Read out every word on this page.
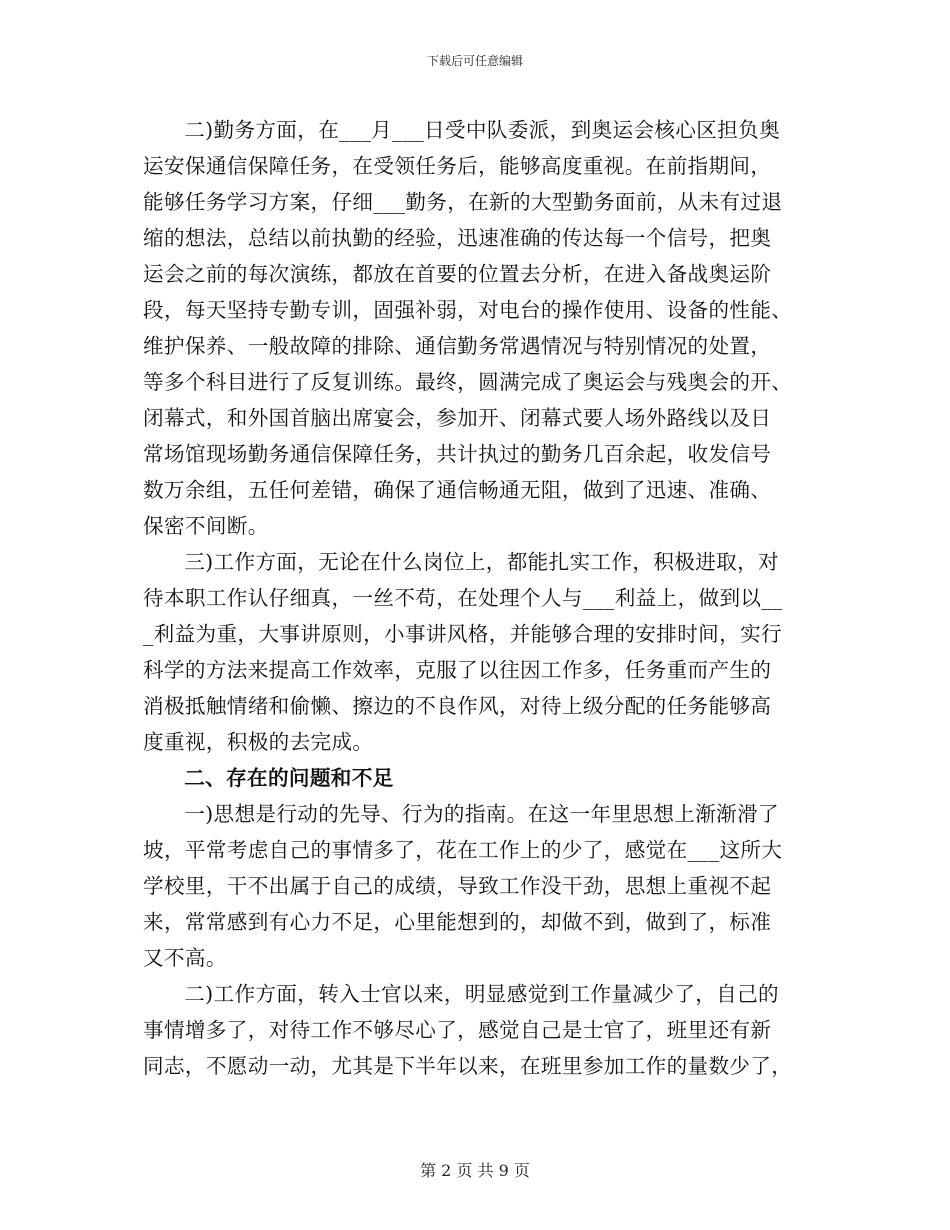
下载后可任意编辑

二)勤务方面，在___月___日受中队委派，到奥运会核心区担负奥
运安保通信保障任务，在受领任务后，能够高度重视。在前指期间，
能够任务学习方案，仔细___勤务，在新的大型勤务面前，从未有过退
缩的想法，总结以前执勤的经验，迅速准确的传达每一个信号，把奥
运会之前的每次演练，都放在首要的位置去分析，在进入备战奥运阶
段，每天坚持专勤专训，固强补弱，对电台的操作使用、设备的性能、
维护保养、一般故障的排除、通信勤务常遇情况与特别情况的处置，
等多个科目进行了反复训练。最终，圆满完成了奥运会与残奥会的开、
闭幕式，和外国首脑出席宴会，参加开、闭幕式要人场外路线以及日
常场馆现场勤务通信保障任务，共计执过的勤务几百余起，收发信号
数万余组，五任何差错，确保了通信畅通无阻，做到了迅速、准确、
保密不间断。

三)工作方面，无论在什么岗位上，都能扎实工作，积极进取，对
待本职工作认仔细真，一丝不苟，在处理个人与___利益上，做到以__
_利益为重，大事讲原则，小事讲风格，并能够合理的安排时间，实行
科学的方法来提高工作效率，克服了以往因工作多，任务重而产生的
消极抵触情绪和偷懒、擦边的不良作风，对待上级分配的任务能够高
度重视，积极的去完成。

二、存在的问题和不足

一)思想是行动的先导、行为的指南。在这一年里思想上渐渐滑了
坡，平常考虑自己的事情多了，花在工作上的少了，感觉在___这所大
学校里，干不出属于自己的成绩，导致工作没干劲，思想上重视不起
来，常常感到有心力不足，心里能想到的，却做不到，做到了，标准
又不高。

二)工作方面，转入士官以来，明显感觉到工作量减少了，自己的
事情增多了，对待工作不够尽心了，感觉自己是士官了，班里还有新
同志，不愿动一动，尤其是下半年以来，在班里参加工作的量数少了，

第 2 页 共 9 页
